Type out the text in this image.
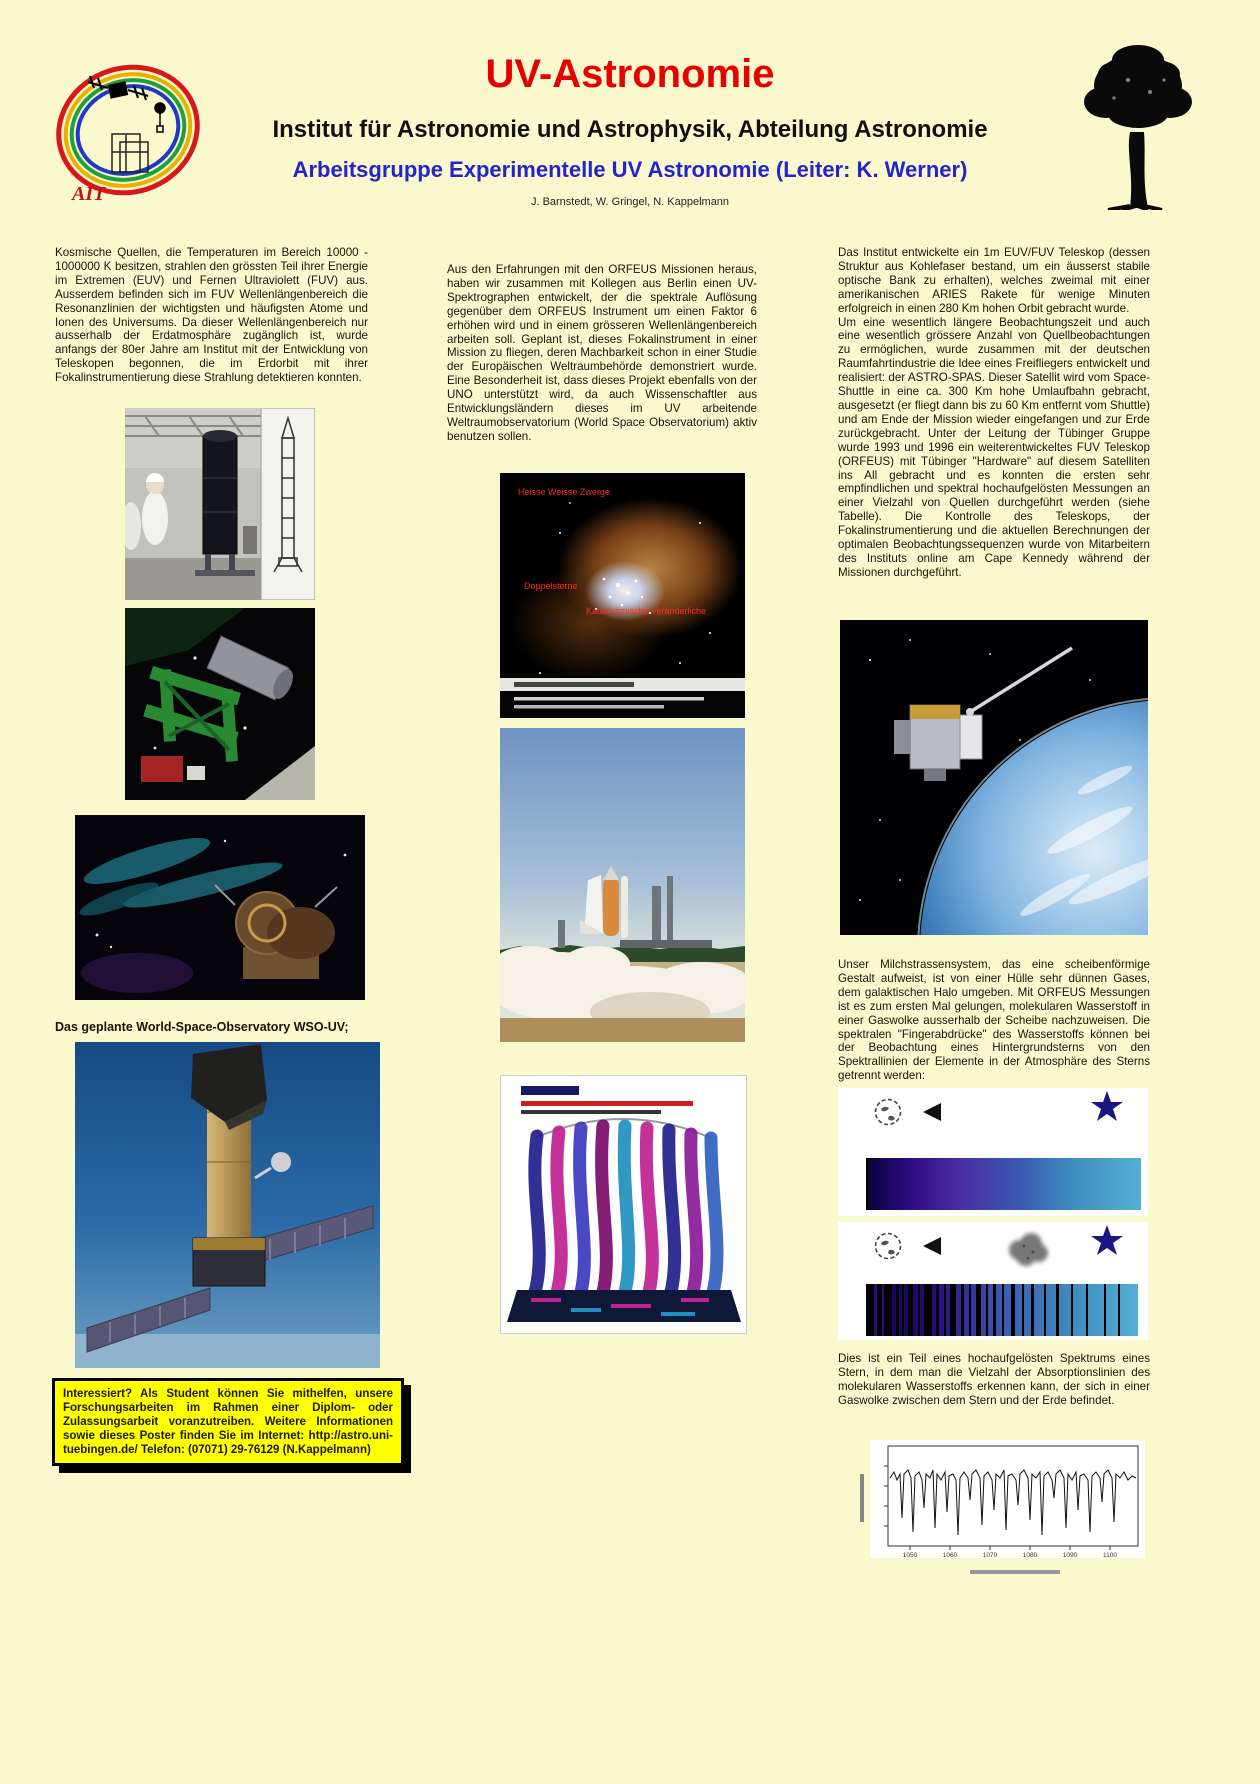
UV-Astronomie
Institut für Astronomie und Astrophysik, Abteilung Astronomie
Arbeitsgruppe Experimentelle UV Astronomie (Leiter: K. Werner)
J. Barnstedt, W. Gringel, N. Kappelmann
AIT
Kosmische Quellen, die Temperaturen im Bereich 10000 - 1000000 K besitzen, strahlen den grössten Teil ihrer Energie im Extremen (EUV) und Fernen Ultraviolett (FUV) aus. Ausserdem befinden sich im FUV Wellenlängenbereich die Resonanzlinien der wichtigsten und häufigsten Atome und Ionen des Universums. Da dieser Wellenlängenbereich nur ausserhalb der Erdatmosphäre zugänglich ist, wurde anfangs der 80er Jahre am Institut mit der Entwicklung von Teleskopen begonnen, die im Erdorbit mit ihrer Fokalinstrumentierung diese Strahlung detektieren konnten.
Das geplante World-Space-Observatory WSO-UV;
Interessiert? Als Student können Sie mithelfen, unsere Forschungsarbeiten im Rahmen einer Diplom- oder Zulassungsarbeit voranzutreiben. Weitere Informationen sowie dieses Poster finden Sie im Internet: http://astro.uni-tuebingen.de/ Telefon: (07071) 29-76129 (N.Kappelmann)
Aus den Erfahrungen mit den ORFEUS Missionen heraus, haben wir zusammen mit Kollegen aus Berlin einen UV-Spektrographen entwickelt, der die spektrale Auflösung gegenüber dem ORFEUS Instrument um einen Faktor 6 erhöhen wird und in einem grösseren Wellenlängenbereich arbeiten soll. Geplant ist, dieses Fokalinstrument in einer Mission zu fliegen, deren Machbarkeit schon in einer Studie der Europäischen Weltraumbehörde demonstriert wurde. Eine Besonderheit ist, dass dieses Projekt ebenfalls von der UNO unterstützt wird, da auch Wissenschaftler aus Entwicklungsländern dieses im UV arbeitende Weltraumobservatorium (World Space Observatorium) aktiv benutzen sollen.
Heisse Weisse Zwerge
Doppelsterne
Kataklysmische Veränderliche

Das Institut entwickelte ein 1m EUV/FUV Teleskop (dessen Struktur aus Kohlefaser bestand, um ein äusserst stabile optische Bank zu erhalten), welches zweimal mit einer amerikanischen ARIES Rakete für wenige Minuten erfolgreich in einen 280 Km hohen Orbit gebracht wurde.

Um eine wesentlich längere Beobachtungszeit und auch eine wesentlich grössere Anzahl von Quellbeobachtungen zu ermöglichen, wurde zusammen mit der deutschen Raumfahrtindustrie die Idee eines Freifliegers entwickelt und realisiert: der ASTRO-SPAS. Dieser Satellit wird vom Space-Shuttle in eine ca. 300 Km hohe Umlaufbahn gebracht, ausgesetzt (er fliegt dann bis zu 60 Km entfernt vom Shuttle) und am Ende der Mission wieder eingefangen und zur Erde zurückgebracht. Unter der Leitung der Tübinger Gruppe wurde 1993 und 1996 ein weiterentwickeltes FUV Teleskop (ORFEUS) mit Tübinger "Hardware" auf diesem Satelliten ins All gebracht und es konnten die ersten sehr empfindlichen und spektral hochaufgelösten Messungen an einer Vielzahl von Quellen durchgeführt werden (siehe Tabelle). Die Kontrolle des Teleskops, der Fokalinstrumentierung und die aktuellen Berechnungen der optimalen Beobachtungssequenzen wurde von Mitarbeitern des Instituts online am Cape Kennedy während der Missionen durchgeführt.

Unser Milchstrassensystem, das eine scheibenförmige Gestalt aufweist, ist von einer Hülle sehr dünnen Gases, dem galaktischen Halo umgeben. Mit ORFEUS Messungen ist es zum ersten Mal gelungen, molekularen Wasserstoff in einer Gaswolke ausserhalb der Scheibe nachzuweisen. Die spektralen "Fingerabdrücke" des Wasserstoffs können bei der Beobachtung eines Hintergrundsterns von den Spektrallinien der Elemente in der Atmosphäre des Sterns getrennt werden:
Dies ist ein Teil eines hochaufgelösten Spektrums eines Stern, in dem man die Vielzahl der Absorptionslinien des molekularen Wasserstoffs erkennen kann, der sich in einer Gaswolke zwischen dem Stern und der Erde befindet.
1050	1060	1070	1080	1090	1100
